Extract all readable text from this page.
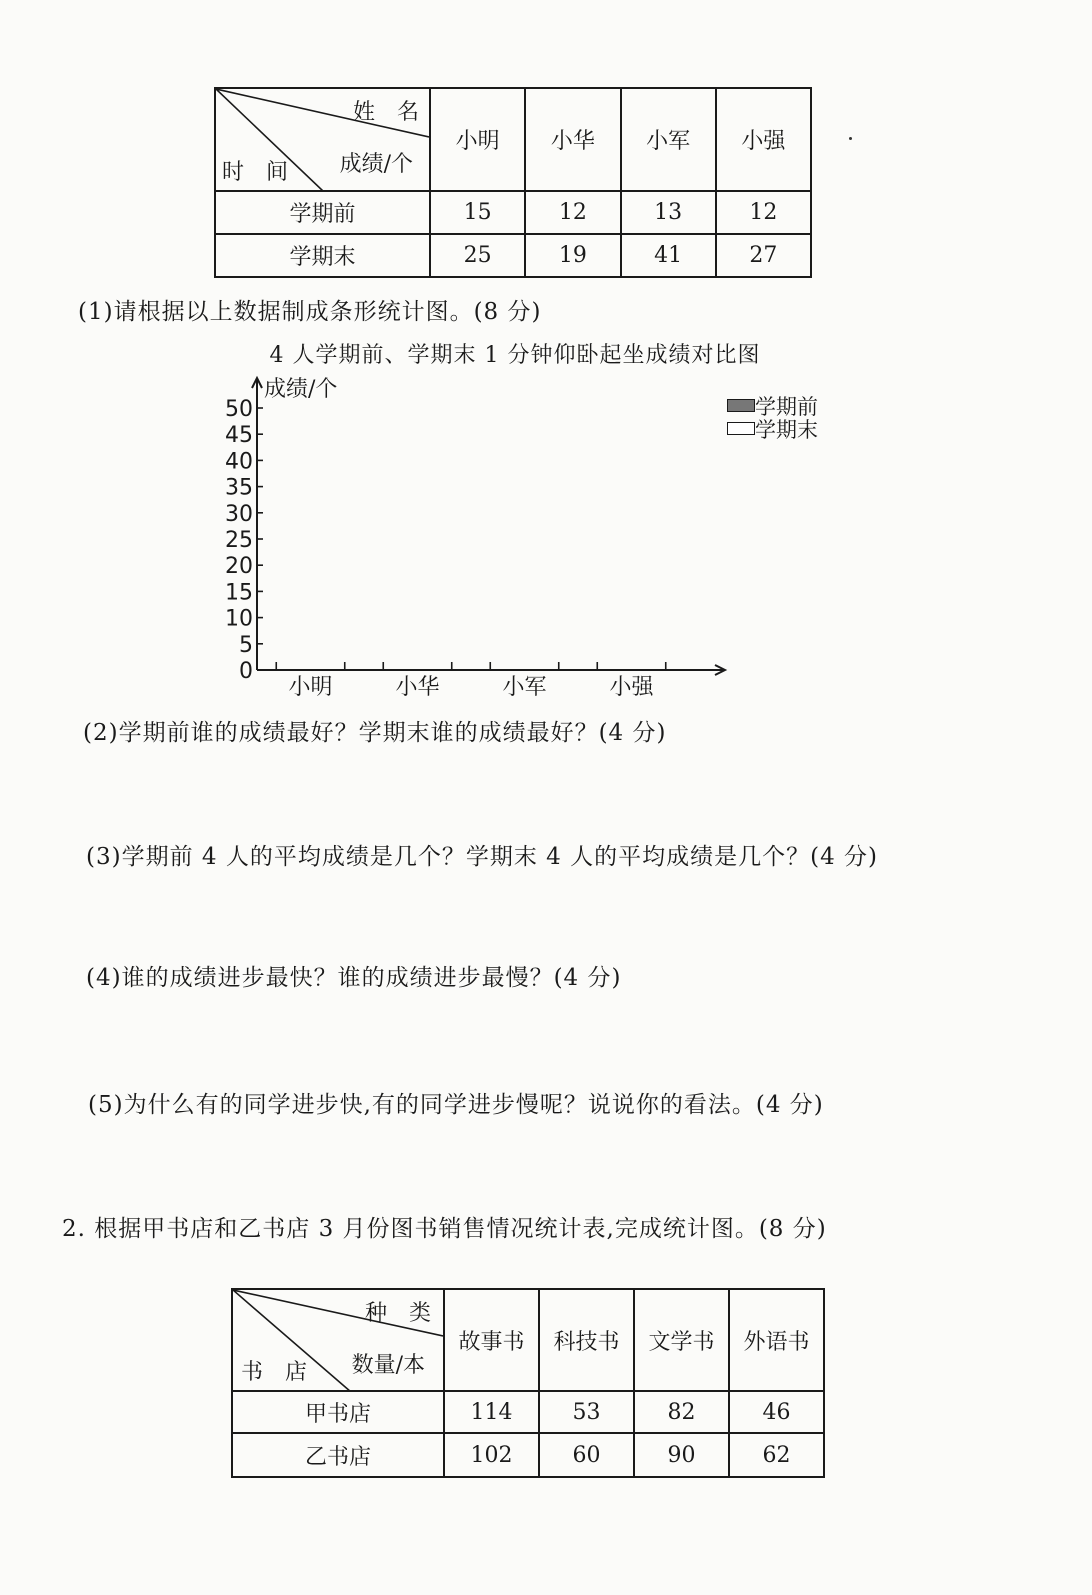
姓　名
成绩/个
时　间	小明	小华	小军	小强
学期前	15	12	13	12
学期末	25	19	41	27
(1)请根据以上数据制成条形统计图。(8 分)
4 人学期前、学期末 1 分钟仰卧起坐成绩对比图
50
45
40
35
30
25
20
15
10
5
0
成绩/个
小明	小华	小军	小强
学期前
学期末
(2)学期前谁的成绩最好？学期末谁的成绩最好？(4 分)
(3)学期前 4 人的平均成绩是几个？学期末 4 人的平均成绩是几个？(4 分)
(4)谁的成绩进步最快？谁的成绩进步最慢？(4 分)
(5)为什么有的同学进步快,有的同学进步慢呢？说说你的看法。(4 分)
2. 根据甲书店和乙书店 3 月份图书销售情况统计表,完成统计图。(8 分)
种　类
数量/本
书　店	故事书	科技书	文学书	外语书
甲书店	114	53	82	46
乙书店	102	60	90	62
